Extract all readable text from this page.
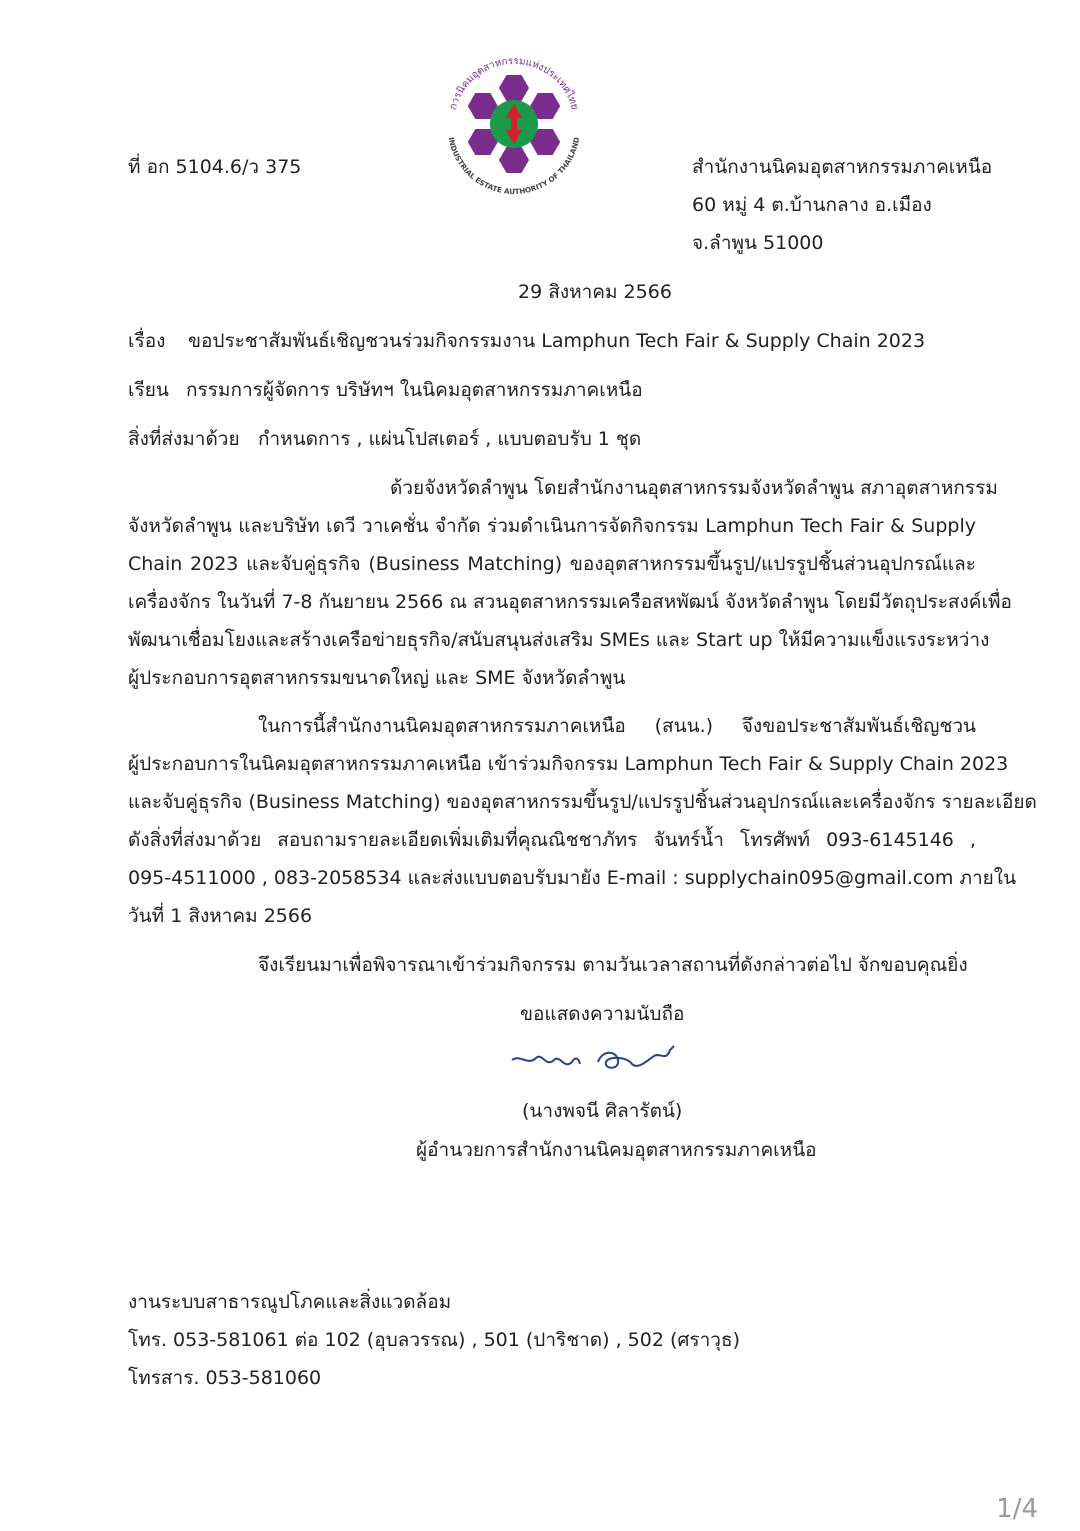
การนิคมอุตสาหกรรมแห่งประเทศไทย
INDUSTRIAL ESTATE AUTHORITY OF THAILAND
ที่ อก 5104.6/ว 375	สำนักงานนิคมอุตสาหกรรมภาคเหนือ
60 หมู่ 4 ต.บ้านกลาง อ.เมือง
จ.ลำพูน 51000
29 สิงหาคม 2566
เรื่อง ขอประชาสัมพันธ์เชิญชวนร่วมกิจกรรมงาน Lamphun Tech Fair & Supply Chain 2023
เรียน กรรมการผู้จัดการ บริษัทฯ ในนิคมอุตสาหกรรมภาคเหนือ
สิ่งที่ส่งมาด้วย กำหนดการ , แผ่นโปสเตอร์ , แบบตอบรับ 1 ชุด
ด้วยจังหวัดลำพูน โดยสำนักงานอุตสาหกรรมจังหวัดลำพูน สภาอุตสาหกรรม
จังหวัดลำพูน และบริษัท เดวี วาเคชั่น จำกัด ร่วมดำเนินการจัดกิจกรรม Lamphun Tech Fair & Supply
Chain 2023 และจับคู่ธุรกิจ (Business Matching) ของอุตสาหกรรมขึ้นรูป/แปรรูปชิ้นส่วนอุปกรณ์และ
เครื่องจักร ในวันที่ 7-8 กันยายน 2566 ณ สวนอุตสาหกรรมเครือสหพัฒน์ จังหวัดลำพูน โดยมีวัตถุประสงค์เพื่อ
พัฒนาเชื่อมโยงและสร้างเครือข่ายธุรกิจ/สนับสนุนส่งเสริม SMEs และ Start up ให้มีความแข็งแรงระหว่าง
ผู้ประกอบการอุตสาหกรรมขนาดใหญ่ และ SME จังหวัดลำพูน
ในการนี้สำนักงานนิคมอุตสาหกรรมภาคเหนือ (สนน.) จึงขอประชาสัมพันธ์เชิญชวน
ผู้ประกอบการในนิคมอุตสาหกรรมภาคเหนือ เข้าร่วมกิจกรรม Lamphun Tech Fair & Supply Chain 2023
และจับคู่ธุรกิจ (Business Matching) ของอุตสาหกรรมขึ้นรูป/แปรรูปชิ้นส่วนอุปกรณ์และเครื่องจักร รายละเอียด
ดังสิ่งที่ส่งมาด้วย สอบถามรายละเอียดเพิ่มเติมที่คุณณิชชาภัทร จันทร์น้ำ โทรศัพท์ 093-6145146 ,
095-4511000 , 083-2058534 และส่งแบบตอบรับมายัง E-mail : supplychain095@gmail.com ภายใน
วันที่ 1 สิงหาคม 2566
จึงเรียนมาเพื่อพิจารณาเข้าร่วมกิจกรรม ตามวันเวลาสถานที่ดังกล่าวต่อไป จักขอบคุณยิ่ง
ขอแสดงความนับถือ
(นางพจนี ศิลารัตน์)
ผู้อำนวยการสำนักงานนิคมอุตสาหกรรมภาคเหนือ
งานระบบสาธารณูปโภคและสิ่งแวดล้อม
โทร. 053-581061 ต่อ 102 (อุบลวรรณ) , 501 (ปาริชาด) , 502 (ศราวุธ)
โทรสาร. 053-581060
1/4
